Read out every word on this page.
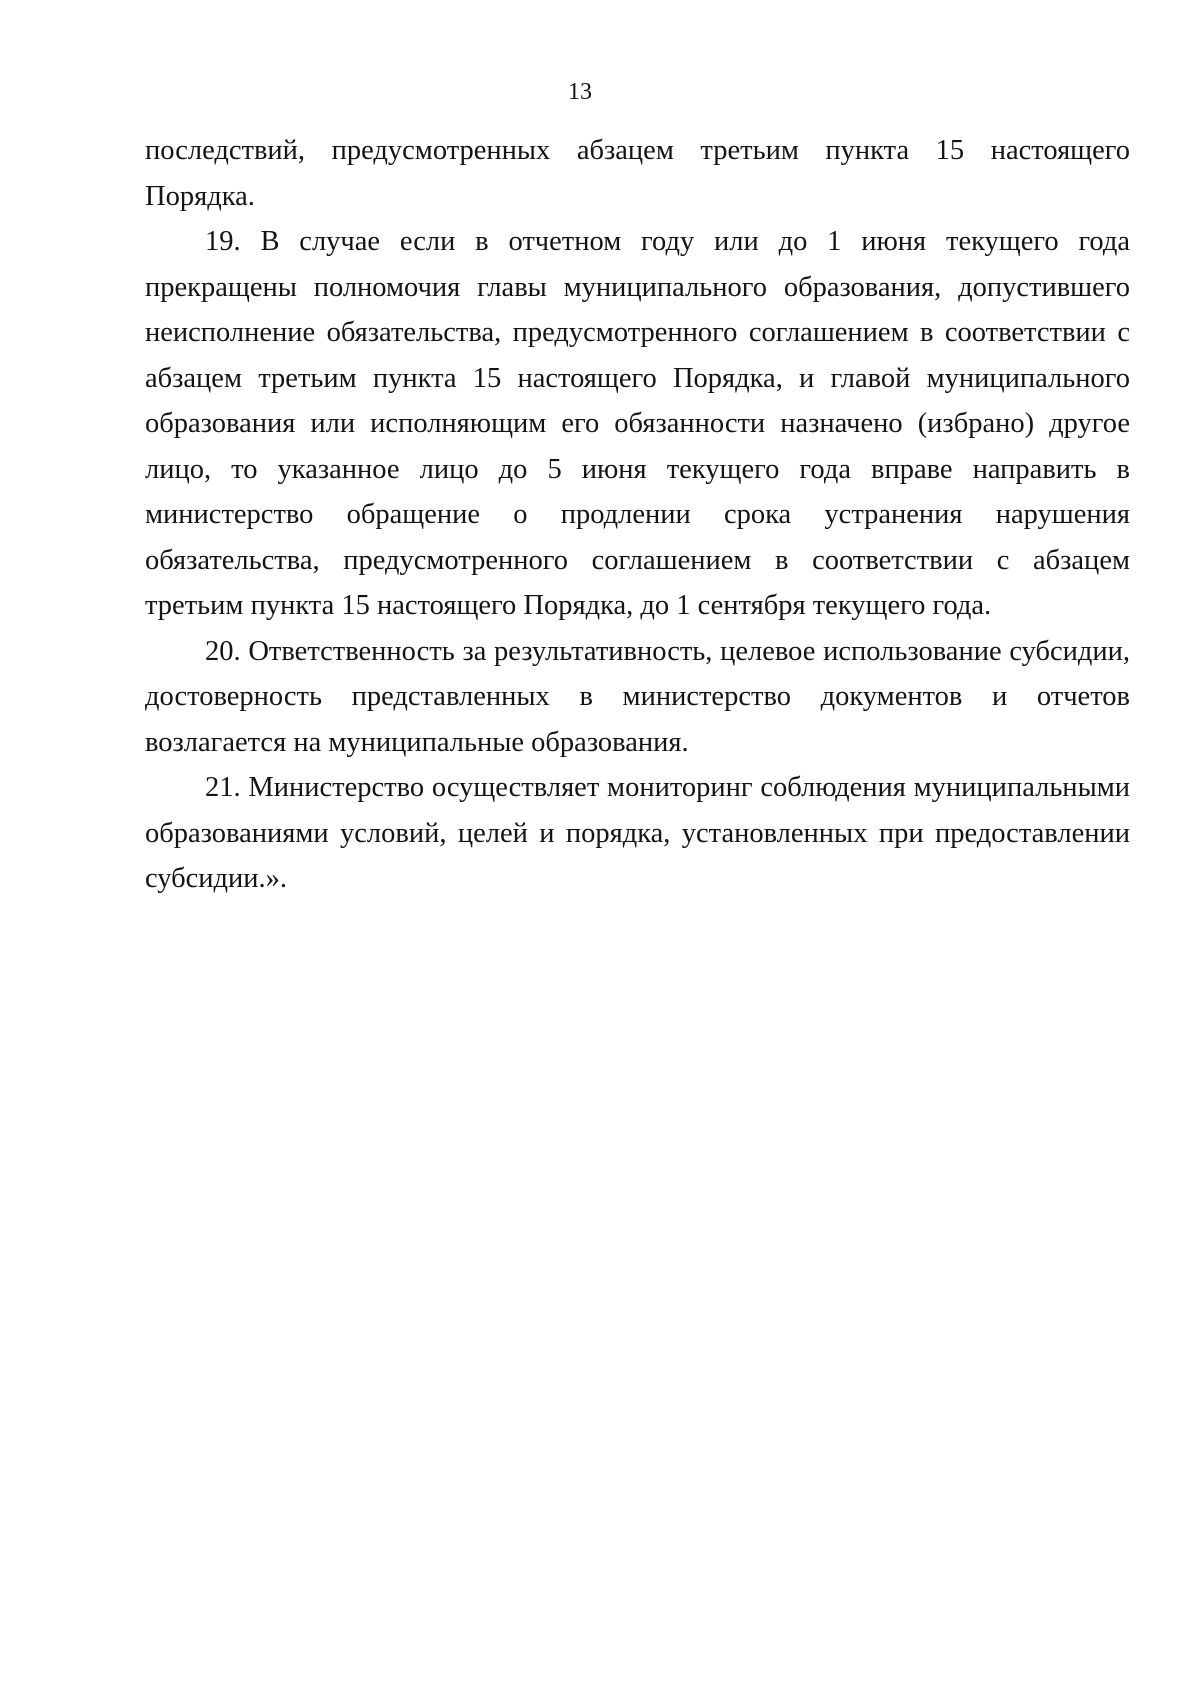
13

последствий, предусмотренных абзацем третьим пункта 15 настоящего Порядка.

19. В случае если в отчетном году или до 1 июня текущего года прекращены полномочия главы муниципального образования, допустившего неисполнение обязательства, предусмотренного соглашением в соответствии с абзацем третьим пункта 15 настоящего Порядка, и главой муниципального образования или исполняющим его обязанности назначено (избрано) другое лицо, то указанное лицо до 5 июня текущего года вправе направить в министерство обращение о продлении срока устранения нарушения обязательства, предусмотренного соглашением в соответствии с абзацем третьим пункта 15 настоящего Порядка, до 1 сентября текущего года.

20. Ответственность за результативность, целевое использование субсидии, достоверность представленных в министерство документов и отчетов возлагается на муниципальные образования.

21. Министерство осуществляет мониторинг соблюдения муниципальными образованиями условий, целей и порядка, установленных при предоставлении субсидии.».
